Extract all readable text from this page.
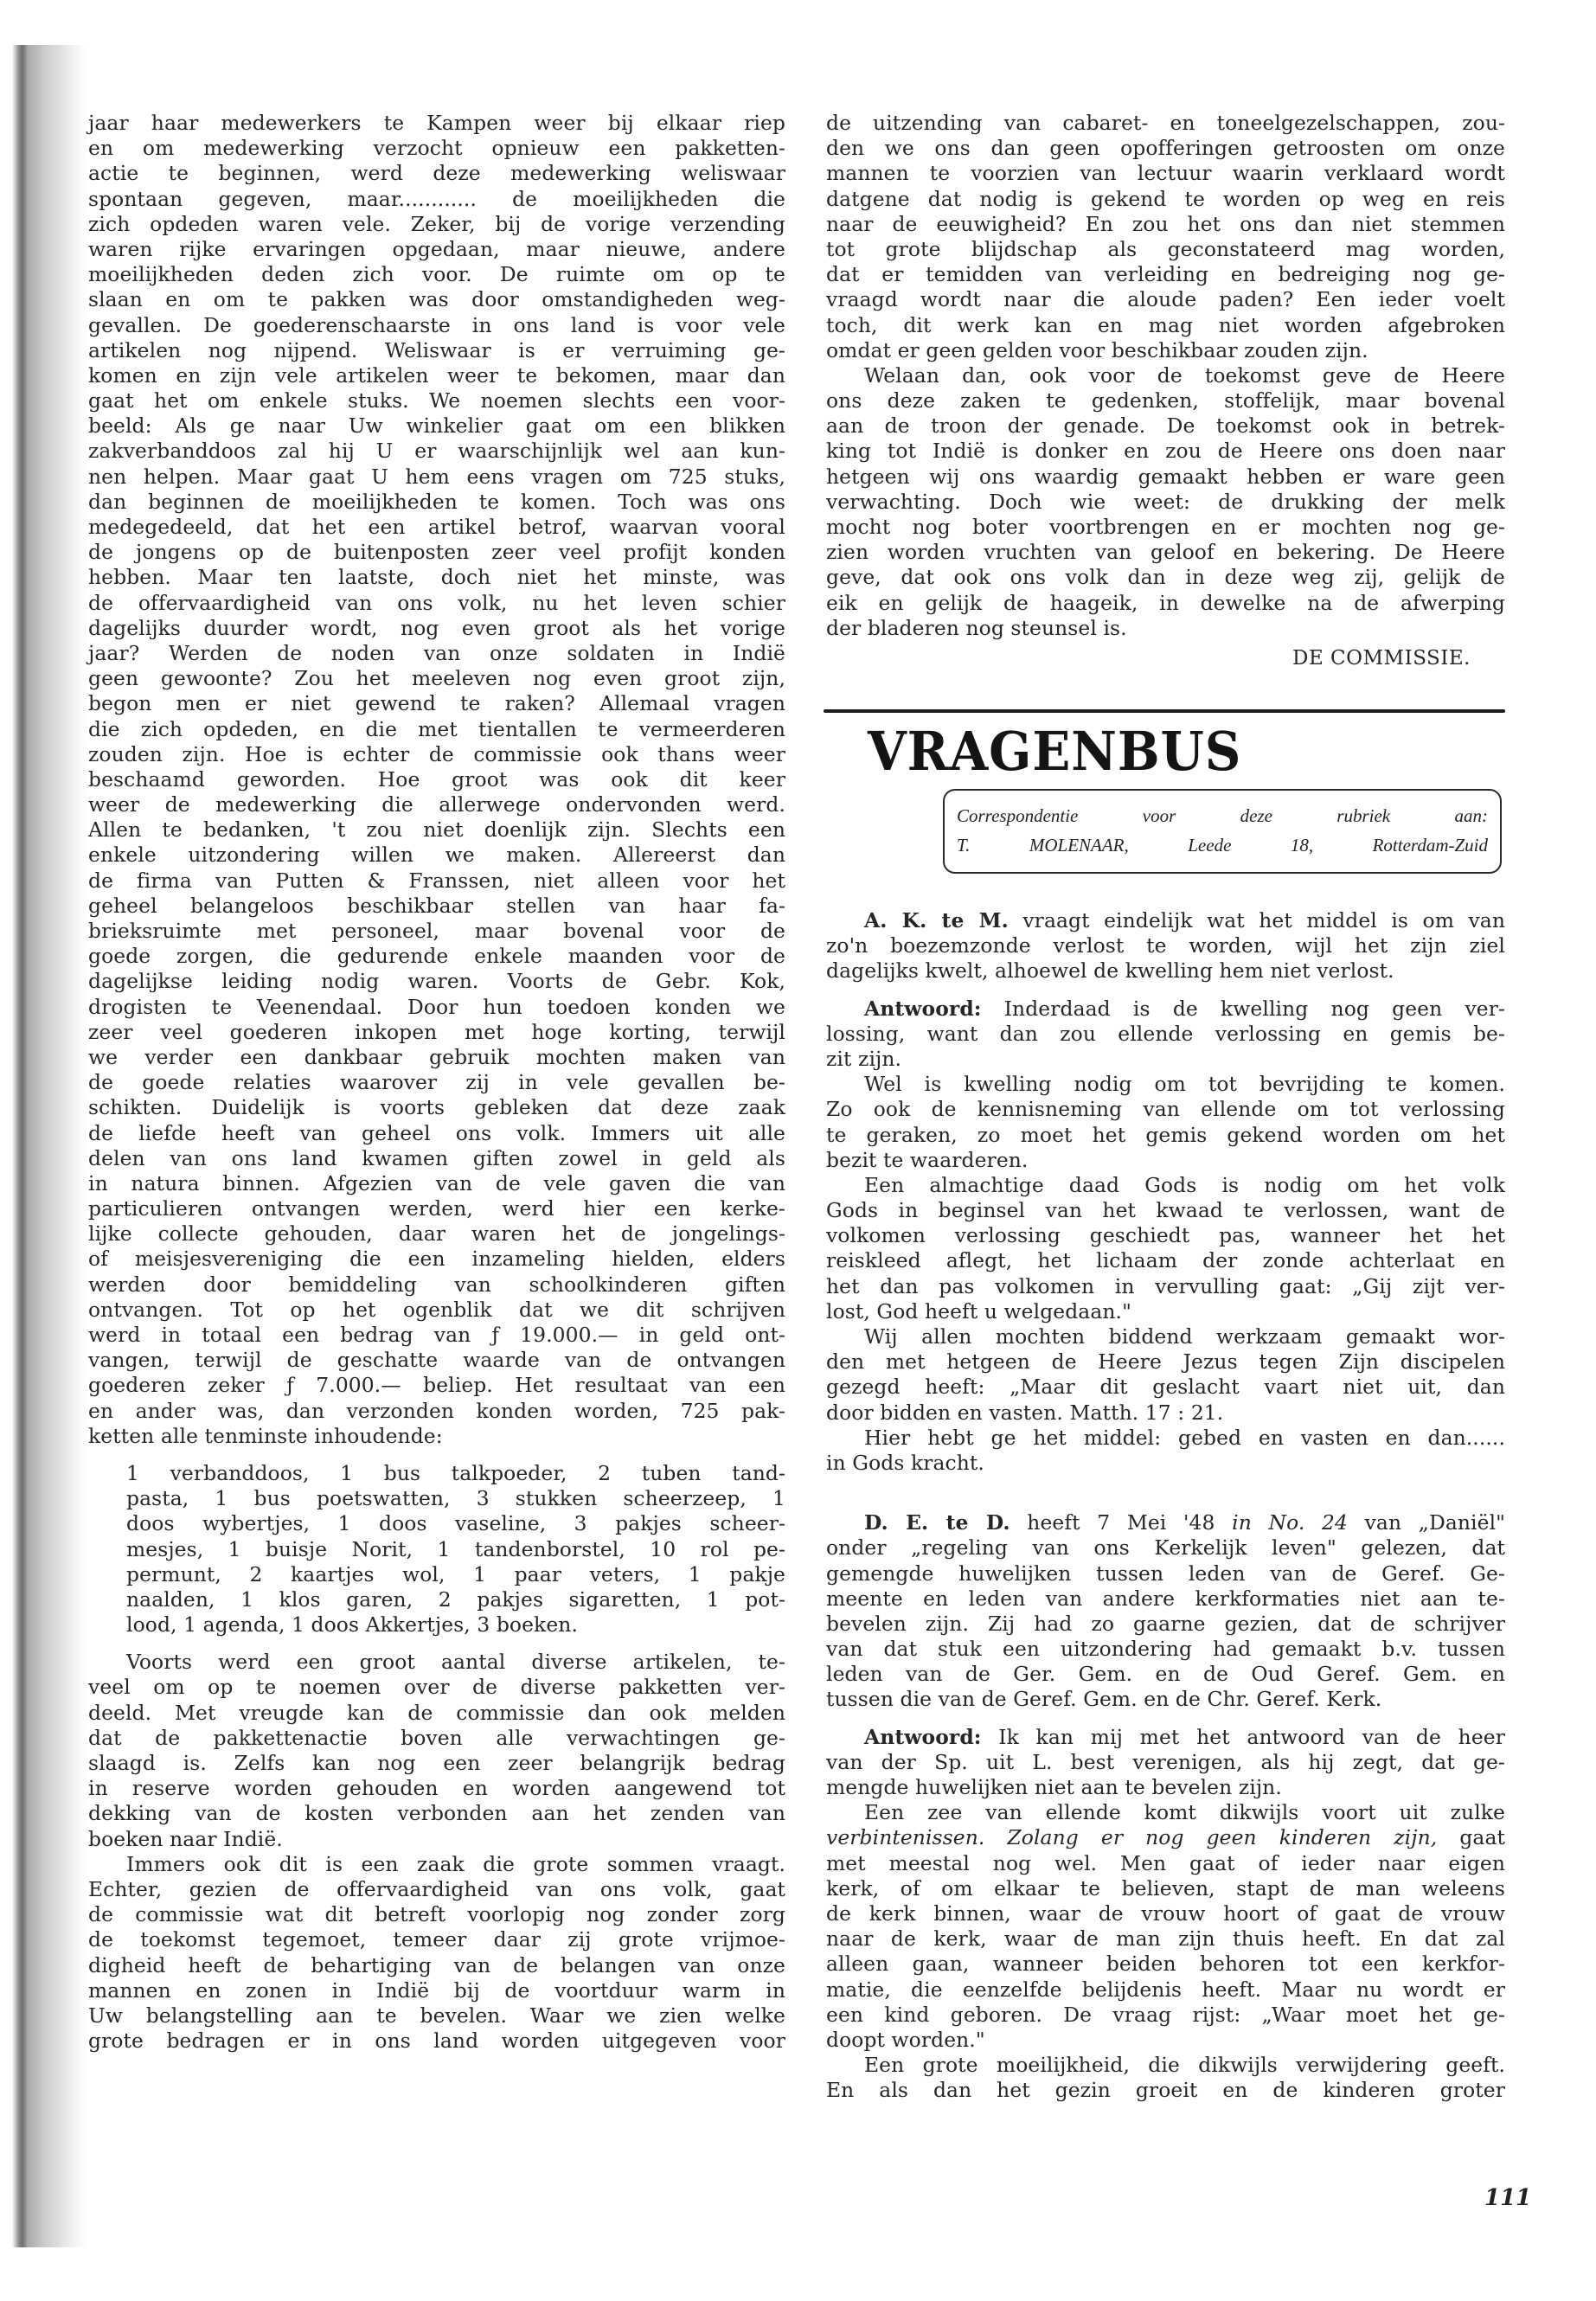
jaar haar medewerkers te Kampen weer bij elkaar riep
en om medewerking verzocht opnieuw een pakketten-
actie te beginnen, werd deze medewerking weliswaar
spontaan gegeven, maar............ de moeilijkheden die
zich opdeden waren vele. Zeker, bij de vorige verzending
waren rijke ervaringen opgedaan, maar nieuwe, andere
moeilijkheden deden zich voor. De ruimte om op te
slaan en om te pakken was door omstandigheden weg-
gevallen. De goederenschaarste in ons land is voor vele
artikelen nog nijpend. Weliswaar is er verruiming ge-
komen en zijn vele artikelen weer te bekomen, maar dan
gaat het om enkele stuks. We noemen slechts een voor-
beeld: Als ge naar Uw winkelier gaat om een blikken
zakverbanddoos zal hij U er waarschijnlijk wel aan kun-
nen helpen. Maar gaat U hem eens vragen om 725 stuks,
dan beginnen de moeilijkheden te komen. Toch was ons
medegedeeld, dat het een artikel betrof, waarvan vooral
de jongens op de buitenposten zeer veel profijt konden
hebben. Maar ten laatste, doch niet het minste, was
de offervaardigheid van ons volk, nu het leven schier
dagelijks duurder wordt, nog even groot als het vorige
jaar? Werden de noden van onze soldaten in Indië
geen gewoonte? Zou het meeleven nog even groot zijn,
begon men er niet gewend te raken? Allemaal vragen
die zich opdeden, en die met tientallen te vermeerderen
zouden zijn. Hoe is echter de commissie ook thans weer
beschaamd geworden. Hoe groot was ook dit keer
weer de medewerking die allerwege ondervonden werd.
Allen te bedanken, 't zou niet doenlijk zijn. Slechts een
enkele uitzondering willen we maken. Allereerst dan
de firma van Putten & Franssen, niet alleen voor het
geheel belangeloos beschikbaar stellen van haar fa-
brieksruimte met personeel, maar bovenal voor de
goede zorgen, die gedurende enkele maanden voor de
dagelijkse leiding nodig waren. Voorts de Gebr. Kok,
drogisten te Veenendaal. Door hun toedoen konden we
zeer veel goederen inkopen met hoge korting, terwijl
we verder een dankbaar gebruik mochten maken van
de goede relaties waarover zij in vele gevallen be-
schikten. Duidelijk is voorts gebleken dat deze zaak
de liefde heeft van geheel ons volk. Immers uit alle
delen van ons land kwamen giften zowel in geld als
in natura binnen. Afgezien van de vele gaven die van
particulieren ontvangen werden, werd hier een kerke-
lijke collecte gehouden, daar waren het de jongelings-
of meisjesvereniging die een inzameling hielden, elders
werden door bemiddeling van schoolkinderen giften
ontvangen. Tot op het ogenblik dat we dit schrijven
werd in totaal een bedrag van ƒ 19.000.— in geld ont-
vangen, terwijl de geschatte waarde van de ontvangen
goederen zeker ƒ 7.000.— beliep. Het resultaat van een
en ander was, dan verzonden konden worden, 725 pak-
ketten alle tenminste inhoudende:
1 verbanddoos, 1 bus talkpoeder, 2 tuben tand-
pasta, 1 bus poetswatten, 3 stukken scheerzeep, 1
doos wybertjes, 1 doos vaseline, 3 pakjes scheer-
mesjes, 1 buisje Norit, 1 tandenborstel, 10 rol pe-
permunt, 2 kaartjes wol, 1 paar veters, 1 pakje
naalden, 1 klos garen, 2 pakjes sigaretten, 1 pot-
lood, 1 agenda, 1 doos Akkertjes, 3 boeken.
Voorts werd een groot aantal diverse artikelen, te-
veel om op te noemen over de diverse pakketten ver-
deeld. Met vreugde kan de commissie dan ook melden
dat de pakkettenactie boven alle verwachtingen ge-
slaagd is. Zelfs kan nog een zeer belangrijk bedrag
in reserve worden gehouden en worden aangewend tot
dekking van de kosten verbonden aan het zenden van
boeken naar Indië.
Immers ook dit is een zaak die grote sommen vraagt.
Echter, gezien de offervaardigheid van ons volk, gaat
de commissie wat dit betreft voorlopig nog zonder zorg
de toekomst tegemoet, temeer daar zij grote vrijmoe-
digheid heeft de behartiging van de belangen van onze
mannen en zonen in Indië bij de voortduur warm in
Uw belangstelling aan te bevelen. Waar we zien welke
grote bedragen er in ons land worden uitgegeven voor
de uitzending van cabaret- en toneelgezelschappen, zou-
den we ons dan geen opofferingen getroosten om onze
mannen te voorzien van lectuur waarin verklaard wordt
datgene dat nodig is gekend te worden op weg en reis
naar de eeuwigheid? En zou het ons dan niet stemmen
tot grote blijdschap als geconstateerd mag worden,
dat er temidden van verleiding en bedreiging nog ge-
vraagd wordt naar die aloude paden? Een ieder voelt
toch, dit werk kan en mag niet worden afgebroken
omdat er geen gelden voor beschikbaar zouden zijn.
Welaan dan, ook voor de toekomst geve de Heere
ons deze zaken te gedenken, stoffelijk, maar bovenal
aan de troon der genade. De toekomst ook in betrek-
king tot Indië is donker en zou de Heere ons doen naar
hetgeen wij ons waardig gemaakt hebben er ware geen
verwachting. Doch wie weet: de drukking der melk
mocht nog boter voortbrengen en er mochten nog ge-
zien worden vruchten van geloof en bekering. De Heere
geve, dat ook ons volk dan in deze weg zij, gelijk de
eik en gelijk de haageik, in dewelke na de afwerping
der bladeren nog steunsel is.
DE COMMISSIE.
VRAGENBUS
Correspondentie voor deze rubriek aan:
T. MOLENAAR, Leede 18, Rotterdam-Zuid
A. K. te M. vraagt eindelijk wat het middel is om van
zo'n boezemzonde verlost te worden, wijl het zijn ziel
dagelijks kwelt, alhoewel de kwelling hem niet verlost.
Antwoord: Inderdaad is de kwelling nog geen ver-
lossing, want dan zou ellende verlossing en gemis be-
zit zijn.
Wel is kwelling nodig om tot bevrijding te komen.
Zo ook de kennisneming van ellende om tot verlossing
te geraken, zo moet het gemis gekend worden om het
bezit te waarderen.
Een almachtige daad Gods is nodig om het volk
Gods in beginsel van het kwaad te verlossen, want de
volkomen verlossing geschiedt pas, wanneer het het
reiskleed aflegt, het lichaam der zonde achterlaat en
het dan pas volkomen in vervulling gaat: „Gij zijt ver-
lost, God heeft u welgedaan."
Wij allen mochten biddend werkzaam gemaakt wor-
den met hetgeen de Heere Jezus tegen Zijn discipelen
gezegd heeft: „Maar dit geslacht vaart niet uit, dan
door bidden en vasten. Matth. 17 : 21.
Hier hebt ge het middel: gebed en vasten en dan......
in Gods kracht.
D. E. te D. heeft 7 Mei '48 in No. 24 van „Daniël"
onder „regeling van ons Kerkelijk leven" gelezen, dat
gemengde huwelijken tussen leden van de Geref. Ge-
meente en leden van andere kerkformaties niet aan te-
bevelen zijn. Zij had zo gaarne gezien, dat de schrijver
van dat stuk een uitzondering had gemaakt b.v. tussen
leden van de Ger. Gem. en de Oud Geref. Gem. en
tussen die van de Geref. Gem. en de Chr. Geref. Kerk.
Antwoord: Ik kan mij met het antwoord van de heer
van der Sp. uit L. best verenigen, als hij zegt, dat ge-
mengde huwelijken niet aan te bevelen zijn.
Een zee van ellende komt dikwijls voort uit zulke
verbintenissen. Zolang er nog geen kinderen zijn, gaat
met meestal nog wel. Men gaat of ieder naar eigen
kerk, of om elkaar te believen, stapt de man weleens
de kerk binnen, waar de vrouw hoort of gaat de vrouw
naar de kerk, waar de man zijn thuis heeft. En dat zal
alleen gaan, wanneer beiden behoren tot een kerkfor-
matie, die eenzelfde belijdenis heeft. Maar nu wordt er
een kind geboren. De vraag rijst: „Waar moet het ge-
doopt worden."
Een grote moeilijkheid, die dikwijls verwijdering geeft.
En als dan het gezin groeit en de kinderen groter
111
